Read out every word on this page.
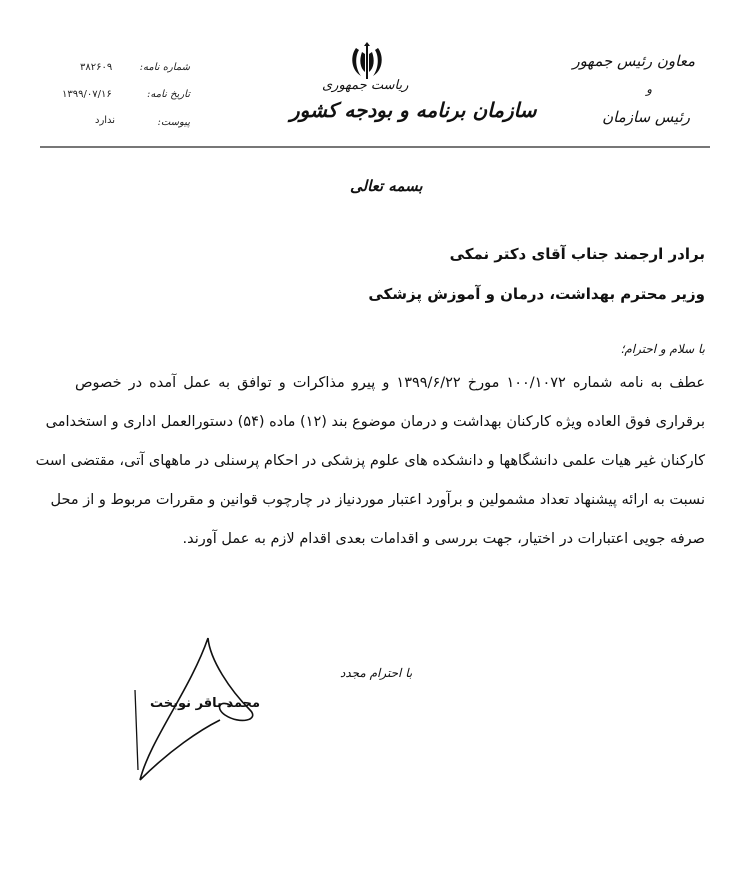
معاون رئیس جمهور
و
رئیس سازمان
ریاست جمهوری
سازمان برنامه و بودجه کشور
شماره نامه:
۳۸۲۶۰۹
تاریخ نامه:
۱۳۹۹/۰۷/۱۶
پیوست:
ندارد
بسمه تعالی
برادر ارجمند جناب آقای دکتر نمکی
وزیر محترم بهداشت، درمان و آموزش پزشکی
با سلام و احترام؛
عطف به نامه شماره ۱۰۰/۱۰۷۲ مورخ ۱۳۹۹/۶/۲۲ و پیرو مذاکرات و توافق به عمل آمده در خصوص
برقراری فوق العاده ویژه کارکنان بهداشت و درمان موضوع بند (۱۲) ماده (۵۴) دستورالعمل اداری و استخدامی
کارکنان غیر هیات علمی دانشگاهها و دانشکده های علوم پزشکی در احکام پرسنلی در ماههای آتی، مقتضی است
نسبت به ارائه پیشنهاد تعداد مشمولین و برآورد اعتبار موردنیاز در چارچوب قوانین و مقررات مربوط و از محل
صرفه جویی اعتبارات در اختیار، جهت بررسی و اقدامات بعدی اقدام لازم به عمل آورند.
با احترام مجدد
محمد باقر نوبخت
